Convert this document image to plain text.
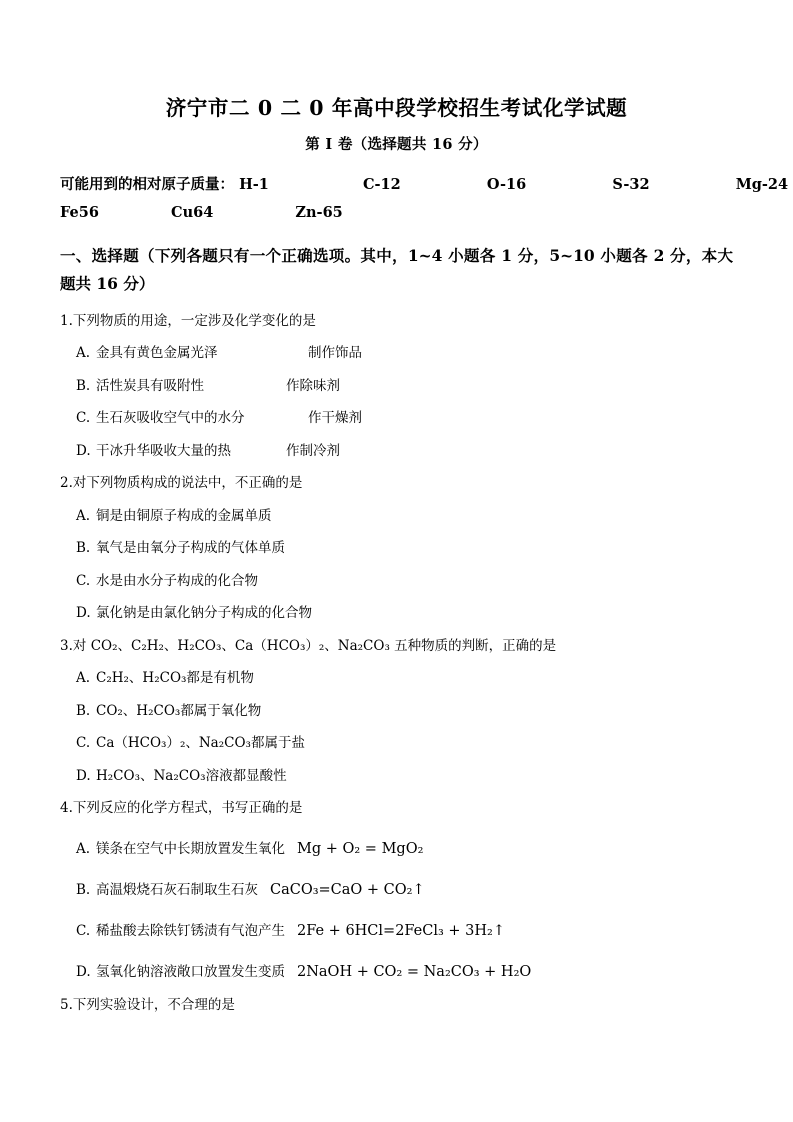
济宁市二 0 二 0 年高中段学校招生考试化学试题
第 I 卷（选择题共 16 分）
可能用到的相对原子质量： H-1	C-12	O-16	S-32	Mg-24
Fe56	Cu64	Zn-65
一、选择题（下列各题只有一个正确选项。其中，1~4 小题各 1 分，5~10 小题各 2 分，本大题共 16 分）

1.下列物质的用途，一定涉及化学变化的是

A. 金具有黄色金属光泽	制作饰品
B. 活性炭具有吸附性	作除味剂
C. 生石灰吸收空气中的水分	作干燥剂
D. 干冰升华吸收大量的热	作制冷剂

2.对下列物质构成的说法中，不正确的是

A. 铜是由铜原子构成的金属单质
B. 氧气是由氧分子构成的气体单质
C. 水是由水分子构成的化合物
D. 氯化钠是由氯化钠分子构成的化合物

3.对 CO₂、C₂H₂、H₂CO₃、Ca（HCO₃）₂、Na₂CO₃ 五种物质的判断，正确的是

A. C₂H₂、H₂CO₃都是有机物
B. CO₂、H₂CO₃都属于氧化物
C. Ca（HCO₃）₂、Na₂CO₃都属于盐
D. H₂CO₃、Na₂CO₃溶液都显酸性

4.下列反应的化学方程式，书写正确的是

A. 镁条在空气中长期放置发生氧化 Mg + O₂ = MgO₂
B. 高温煅烧石灰石制取生石灰 CaCO₃=CaO + CO₂↑
C. 稀盐酸去除铁钉锈渍有气泡产生 2Fe + 6HCl=2FeCl₃ + 3H₂↑
D. 氢氧化钠溶液敞口放置发生变质 2NaOH + CO₂ = Na₂CO₃ + H₂O

5.下列实验设计，不合理的是
